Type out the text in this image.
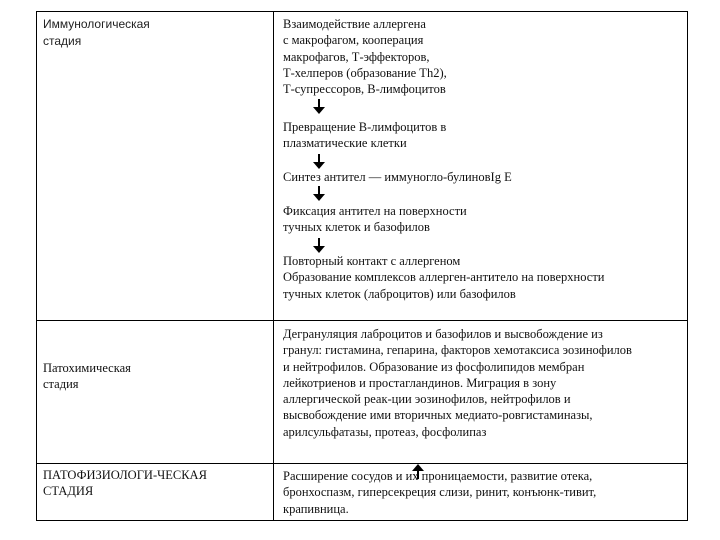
Иммунологическая
стадия
Патохимическая
стадия
ПАТОФИЗИОЛОГИ-ЧЕСКАЯ
СТАДИЯ
Взаимодействие аллергена
с макрофагом, кооперация
макрофагов, Т-эффекторов,
Т-хелперов (образование Th2),
Т-супрессоров, В-лимфоцитов
Превращение В-лимфоцитов в
плазматические клетки
Синтез антител — иммуногло-булиновIg E
Фиксация антител на поверхности
тучных клеток и базофилов
Повторный контакт с аллергеном
Образование комплексов аллерген-антитело на поверхности
тучных клеток (лаброцитов) или базофилов
Дегрануляция лаброцитов и базофилов и высвобождение из
гранул: гистамина, гепарина, факторов хемотаксиса эозинофилов
и нейтрофилов. Образование из фосфолипидов мембран
лейкотриенов и простагландинов. Миграция в зону
аллергической реак-ции эозинофилов, нейтрофилов и
высвобождение ими вторичных медиато-ровгистаминазы,
арилсульфатазы, протеаз, фосфолипаз
Расширение сосудов и их проницаемости, развитие отека,
бронхоспазм, гиперсекреция слизи, ринит, конъюнк-тивит,
крапивница.
